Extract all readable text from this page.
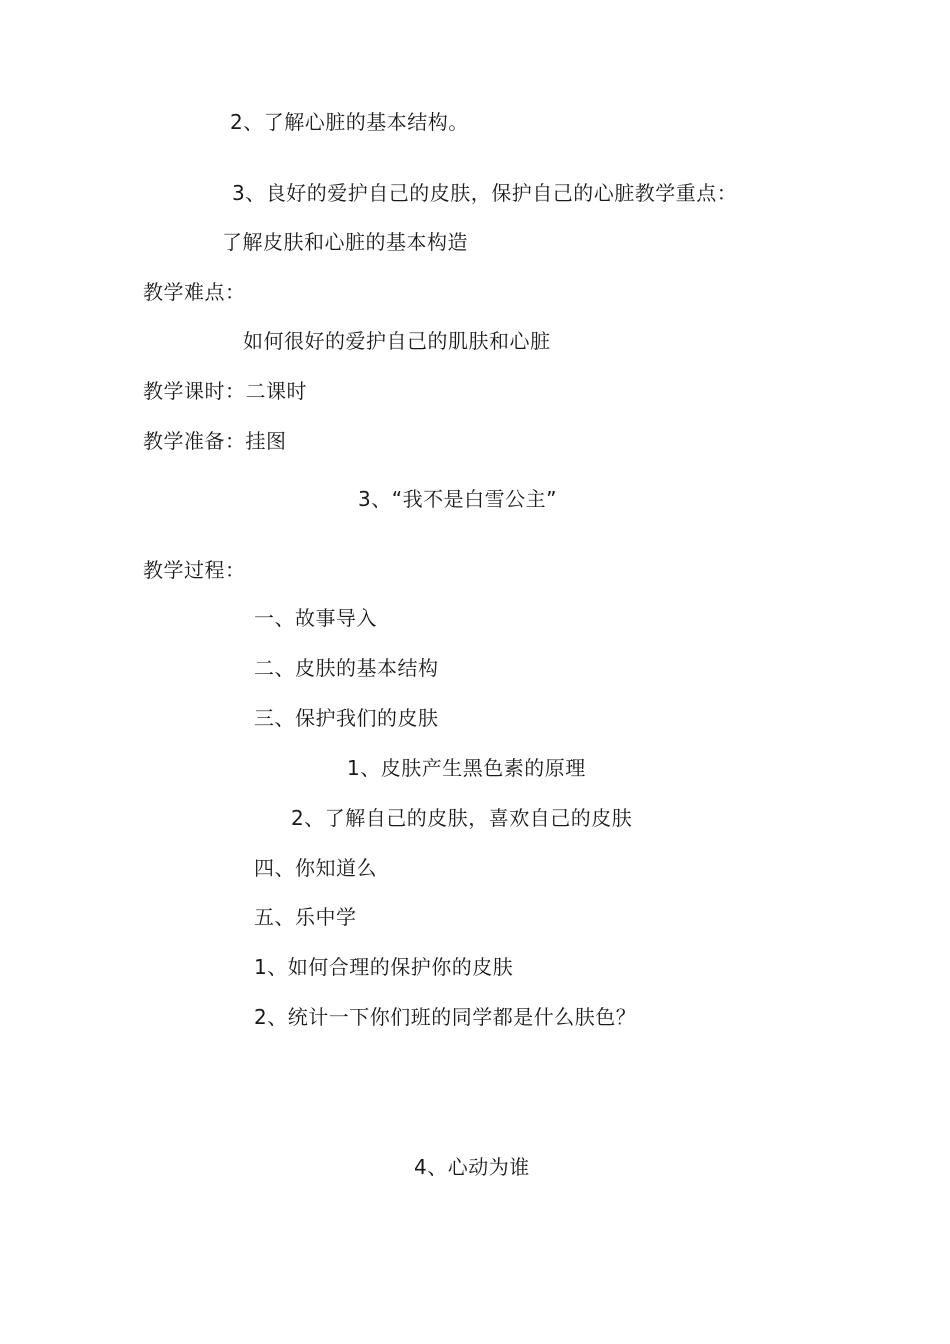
2、了解心脏的基本结构。
3、良好的爱护自己的皮肤，保护自己的心脏教学重点：
了解皮肤和心脏的基本构造
教学难点：
如何很好的爱护自己的肌肤和心脏
教学课时：二课时
教学准备：挂图
3、“我不是白雪公主”
教学过程：
一、故事导入
二、皮肤的基本结构
三、保护我们的皮肤
1、皮肤产生黑色素的原理
2、了解自己的皮肤，喜欢自己的皮肤
四、你知道么
五、乐中学
1、如何合理的保护你的皮肤
2、统计一下你们班的同学都是什么肤色？
4、心动为谁
